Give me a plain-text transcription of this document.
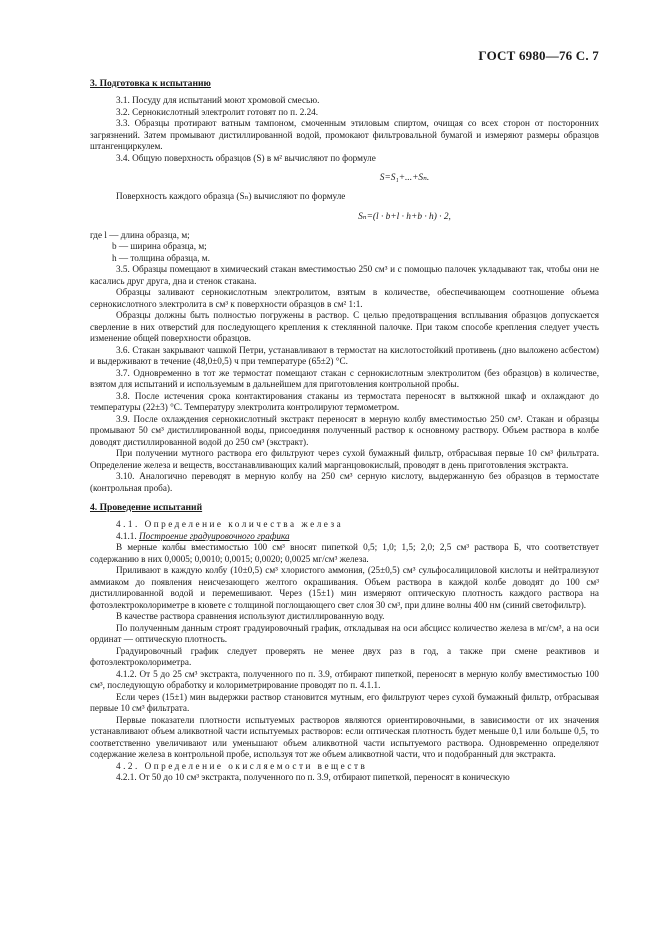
ГОСТ 6980—76 С. 7
3. Подготовка к испытанию

3.1. Посуду для испытаний моют хромовой смесью.

3.2. Сернокислотный электролит готовят по п. 2.24.

3.3. Образцы протирают ватным тампоном, смоченным этиловым спиртом, очищая со всех сторон от посторонних загрязнений. Затем промывают дистиллированной водой, промокают фильтровальной бумагой и измеряют размеры образцов штангенциркулем.

3.4. Общую поверхность образцов (S) в м² вычисляют по формуле

S=S₁+...+Sₙ.

Поверхность каждого образца (Sₙ) вычисляют по формуле

Sₙ=(l · b+l · h+b · h) · 2,

где l — длина образца, м;

b — ширина образца, м;

h — толщина образца, м.

3.5. Образцы помещают в химический стакан вместимостью 250 см³ и с помощью палочек укладывают так, чтобы они не касались друг друга, дна и стенок стакана.

Образцы заливают сернокислотным электролитом, взятым в количестве, обеспечивающем соотношение объема сернокислотного электролита в см³ к поверхности образцов в см² 1:1.

Образцы должны быть полностью погружены в раствор. С целью предотвращения всплывания образцов допускается сверление в них отверстий для последующего крепления к стеклянной палочке. При таком способе крепления следует учесть изменение общей поверхности образцов.

3.6. Стакан закрывают чашкой Петри, устанавливают в термостат на кислотостойкий противень (дно выложено асбестом) и выдерживают в течение (48,0±0,5) ч при температуре (65±2) °С.

3.7. Одновременно в тот же термостат помещают стакан с сернокислотным электролитом (без образцов) в количестве, взятом для испытаний и используемым в дальнейшем для приготовления контрольной пробы.

3.8. После истечения срока контактирования стаканы из термостата переносят в вытяжной шкаф и охлаждают до температуры (22±3) °С. Температуру электролита контролируют термометром.

3.9. После охлаждения сернокислотный экстракт переносят в мерную колбу вместимостью 250 см³. Стакан и образцы промывают 50 см³ дистиллированной воды, присоединяя полученный раствор к основному раствору. Объем раствора в колбе доводят дистиллированной водой до 250 см³ (экстракт).

При получении мутного раствора его фильтруют через сухой бумажный фильтр, отбрасывая первые 10 см³ фильтрата. Определение железа и веществ, восстанавливающих калий марганцовокислый, проводят в день приготовления экстракта.

3.10. Аналогично переводят в мерную колбу на 250 см³ серную кислоту, выдержанную без образцов в термостате (контрольная проба).

4. Проведение испытаний

4.1. Определение количества железа

4.1.1. Построение градуировочного графика

В мерные колбы вместимостью 100 см³ вносят пипеткой 0,5; 1,0; 1,5; 2,0; 2,5 см³ раствора Б, что соответствует содержанию в них 0,0005; 0,0010; 0,0015; 0,0020; 0,0025 мг/см³ железа.

Приливают в каждую колбу (10±0,5) см³ хлористого аммония, (25±0,5) см³ сульфосалициловой кислоты и нейтрализуют аммиаком до появления неисчезающего желтого окрашивания. Объем раствора в каждой колбе доводят до 100 см³ дистиллированной водой и перемешивают. Через (15±1) мин измеряют оптическую плотность каждого раствора на фотоэлектроколориметре в кювете с толщиной поглощающего свет слоя 30 см³, при длине волны 400 нм (синий светофильтр).

В качестве раствора сравнения используют дистиллированную воду.

По полученным данным строят градуировочный график, откладывая на оси абсцисс количество железа в мг/см³, а на оси ординат — оптическую плотность.

Градуировочный график следует проверять не менее двух раз в год, а также при смене реактивов и фотоэлектроколориметра.

4.1.2. От 5 до 25 см³ экстракта, полученного по п. 3.9, отбирают пипеткой, переносят в мерную колбу вместимостью 100 см³, последующую обработку и колориметрирование проводят по п. 4.1.1.

Если через (15±1) мин выдержки раствор становится мутным, его фильтруют через сухой бумажный фильтр, отбрасывая первые 10 см³ фильтрата.

Первые показатели плотности испытуемых растворов являются ориентировочными, в зависимости от их значения устанавливают объем аликвотной части испытуемых растворов: если оптическая плотность будет меньше 0,1 или больше 0,5, то соответственно увеличивают или уменьшают объем аликвотной части испытуемого раствора. Одновременно определяют содержание железа в контрольной пробе, используя тот же объем аликвотной части, что и подобранный для экстракта.

4.2. Определение окисляемости веществ

4.2.1. От 50 до 10 см³ экстракта, полученного по п. 3.9, отбирают пипеткой, переносят в коническую
